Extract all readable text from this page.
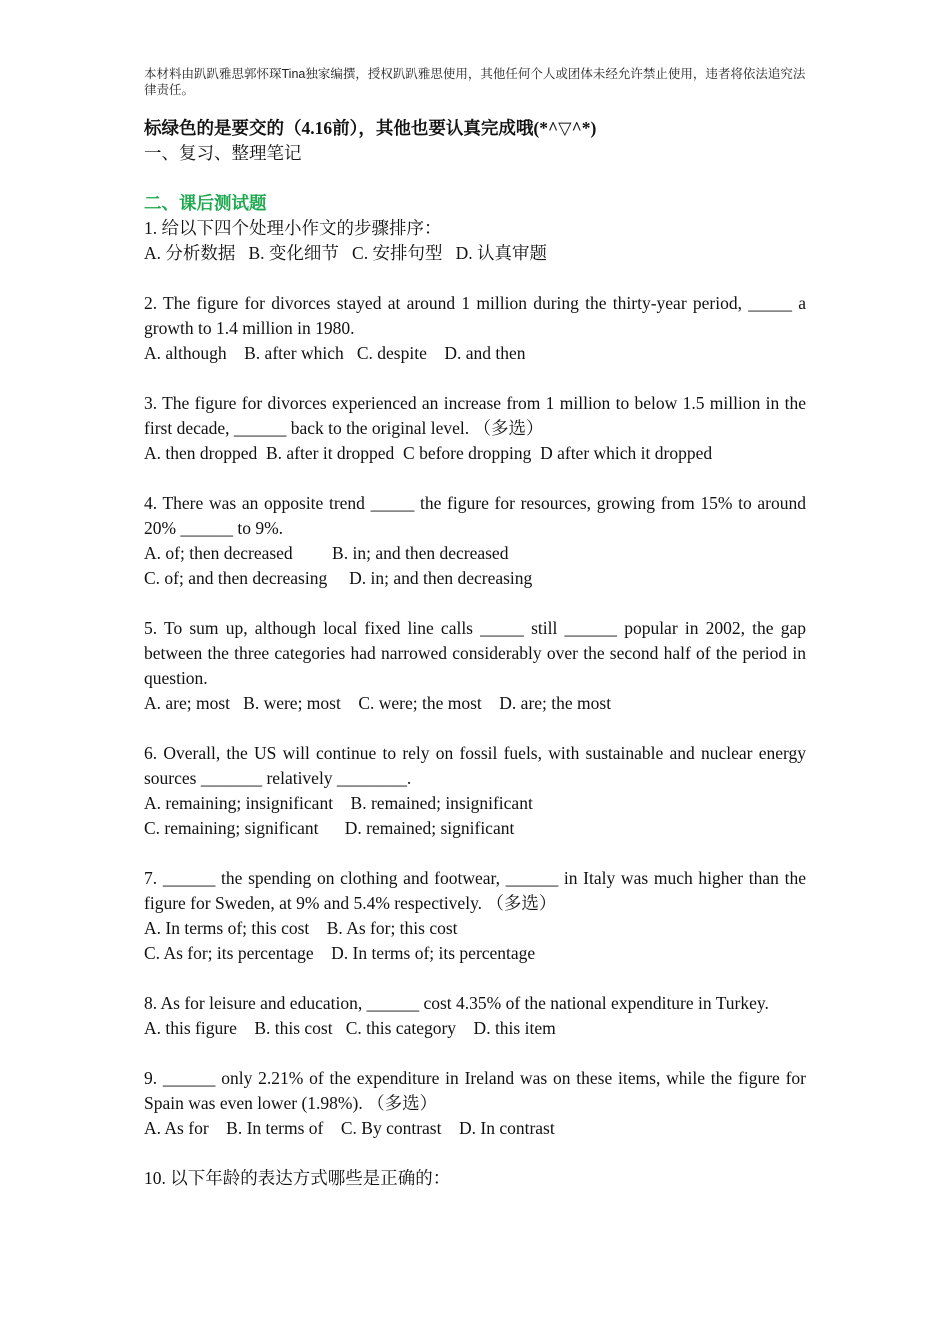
本材料由趴趴雅思郭怀琛Tina独家编撰，授权趴趴雅思使用，其他任何个人或团体未经允许禁止使用，违者将依法追究法律责任。
标绿色的是要交的（4.16前），其他也要认真完成哦(*^▽^*)
一、复习、整理笔记
二、课后测试题
1. 给以下四个处理小作文的步骤排序：
A. 分析数据   B. 变化细节   C. 安排句型   D. 认真审题
2. The figure for divorces stayed at around 1 million during the thirty-year period, _____ a growth to 1.4 million in 1980.
A. although    B. after which   C. despite    D. and then
3. The figure for divorces experienced an increase from 1 million to below 1.5 million in the first decade, ______ back to the original level. （多选）
A. then dropped  B. after it dropped  C before dropping  D after which it dropped
4. There was an opposite trend _____ the figure for resources, growing from 15% to around 20% ______ to 9%.
A. of; then decreased         B. in; and then decreased
C. of; and then decreasing     D. in; and then decreasing
5. To sum up, although local fixed line calls _____ still ______ popular in 2002, the gap between the three categories had narrowed considerably over the second half of the period in question.
A. are; most   B. were; most    C. were; the most    D. are; the most
6. Overall, the US will continue to rely on fossil fuels, with sustainable and nuclear energy sources _______ relatively ________.
A. remaining; insignificant    B. remained; insignificant
C. remaining; significant      D. remained; significant
7. ______ the spending on clothing and footwear, ______ in Italy was much higher than the figure for Sweden, at 9% and 5.4% respectively. （多选）
A. In terms of; this cost    B. As for; this cost
C. As for; its percentage    D. In terms of; its percentage
8. As for leisure and education, ______ cost 4.35% of the national expenditure in Turkey.
A. this figure    B. this cost   C. this category    D. this item
9. ______ only 2.21% of the expenditure in Ireland was on these items, while the figure for Spain was even lower (1.98%). （多选）
A. As for    B. In terms of    C. By contrast    D. In contrast
10. 以下年龄的表达方式哪些是正确的：
